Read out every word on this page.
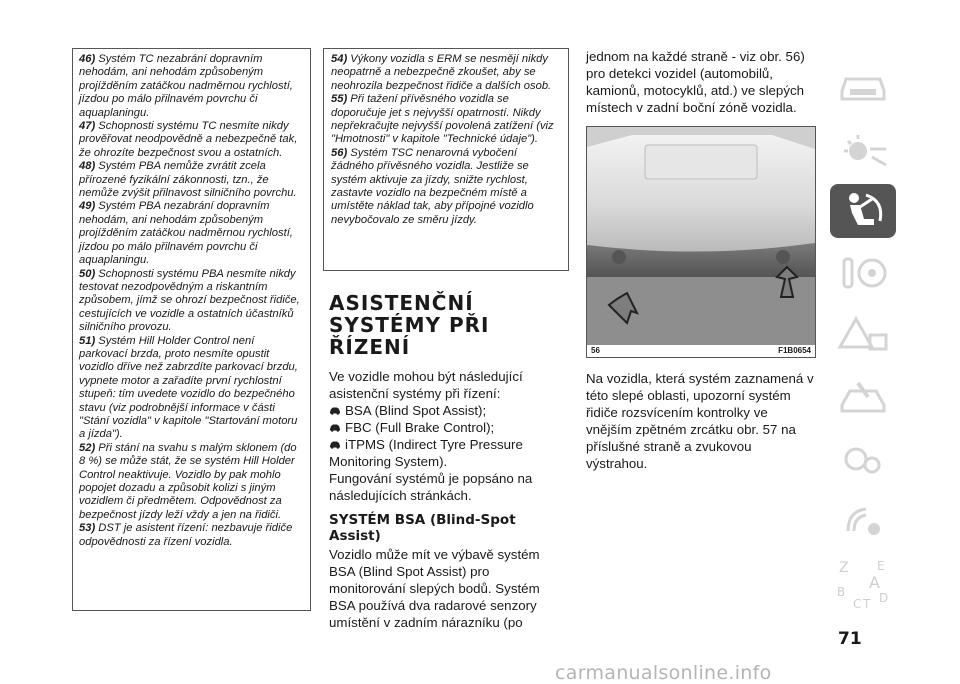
46) Systém TC nezabrání dopravním nehodám, ani nehodám způsobeným projížděním zatáčkou nadměrnou rychlostí, jízdou po málo přilnavém povrchu či aquaplaningu.

47) Schopnosti systému TC nesmíte nikdy prověřovat neodpovědně a nebezpečně tak, že ohrozíte bezpečnost svou a ostatních.

48) Systém PBA nemůže zvrátit zcela přírozené fyzikální zákonnosti, tzn., že nemůže zvýšit přilnavost silničního povrchu.

49) Systém PBA nezabrání dopravním nehodám, ani nehodám způsobeným projížděním zatáčkou nadměrnou rychlostí, jízdou po málo přilnavém povrchu či aquaplaningu.

50) Schopnosti systému PBA nesmíte nikdy testovat nezodpovědným a riskantním způsobem, jímž se ohrozí bezpečnost řidiče, cestujících ve vozidle a ostatních účastníků silničního provozu.

51) Systém Hill Holder Control není parkovací brzda, proto nesmíte opustit vozidlo dříve než zabrzdíte parkovací brzdu, vypnete motor a zařadíte první rychlostní stupeň: tím uvedete vozidlo do bezpečného stavu (viz podrobnější informace v části "Stání vozidla" v kapitole "Startování motoru a jízda").

52) Při stání na svahu s malým sklonem (do 8 %) se může stát, že se systém Hill Holder Control neaktivuje. Vozidlo by pak mohlo popojet dozadu a způsobit kolizi s jiným vozidlem či předmětem. Odpovědnost za bezpečnost jízdy leží vždy a jen na řidiči.

53) DST je asistent řízení: nezbavuje řidiče odpovědnosti za řízení vozidla.

54) Výkony vozidla s ERM se nesmějí nikdy neopatrně a nebezpečně zkoušet, aby se neohrozila bezpečnost řidiče a dalších osob.

55) Při tažení přívěsného vozidla se doporučuje jet s nejvyšší opatrností. Nikdy nepřekračujte nejvyšší povolená zatížení (viz "Hmotnosti" v kapitole "Technické údaje").

56) Systém TSC nenarovná vybočení žádného přívěsného vozidla. Jestliže se systém aktivuje za jízdy, snižte rychlost, zastavte vozidlo na bezpečném místě a umístěte náklad tak, aby přípojné vozidlo nevybočovalo ze směru jízdy.

ASISTENČNÍ
SYSTÉMY PŘI
ŘÍZENÍ

Ve vozidle mohou být následující asistenční systémy při řízení:

BSA (Blind Spot Assist);
FBC (Full Brake Control);
iTPMS (Indirect Tyre Pressure

Monitoring System).

Fungování systémů je popsáno na následujících stránkách.

SYSTÉM BSA (Blind-Spot Assist)

Vozidlo může mít ve výbavě systém BSA (Blind Spot Assist) pro monitorování slepých bodů. Systém BSA používá dva radarové senzory umístění v zadním nárazníku (po

jednom na každé straně - viz obr. 56) pro detekci vozidel (automobilů, kamionů, motocyklů, atd.) ve slepých místech v zadní boční zóně vozidla.

56	F1B0654

Na vozidla, která systém zaznamená v této slepé oblasti, upozorní systém řidiče rozsvícením kontrolky ve vnějším zpětném zrcátku obr. 57 na příslušné straně a zvukovou výstrahou.

Z E
A
B
C D
T
71
carmanualsonline.info
